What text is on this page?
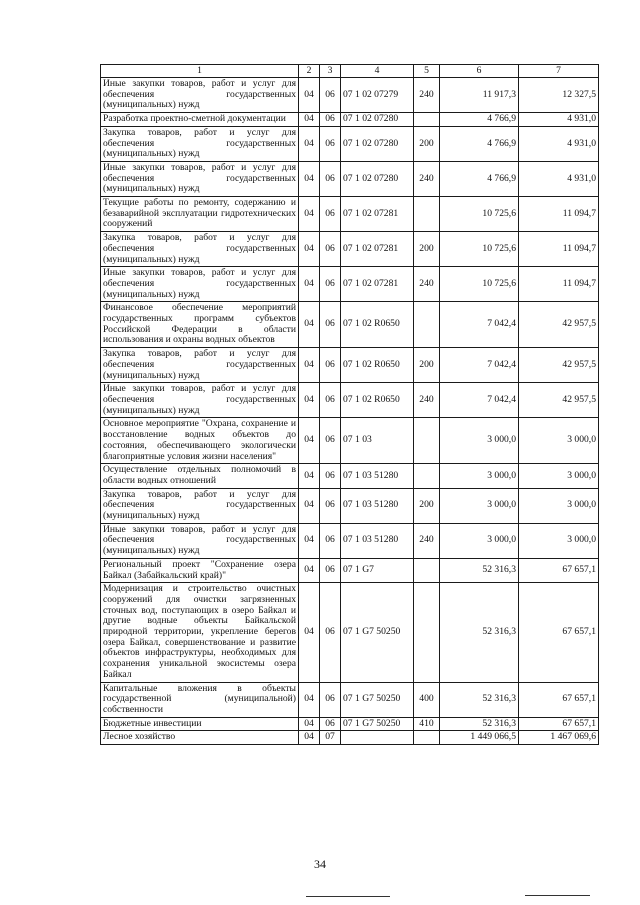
1	2	3	4	5	6	7
Иные закупки товаров, работ и услуг для обеспечения государственных (муниципальных) нужд	04	06	07 1 02 07279	240	11 917,3	12 327,5
Разработка проектно-сметной документации	04	06	07 1 02 07280		4 766,9	4 931,0
Закупка товаров, работ и услуг для обеспечения государственных (муниципальных) нужд	04	06	07 1 02 07280	200	4 766,9	4 931,0
Иные закупки товаров, работ и услуг для обеспечения государственных (муниципальных) нужд	04	06	07 1 02 07280	240	4 766,9	4 931,0
Текущие работы по ремонту, содержанию и безаварийной эксплуатации гидротехнических сооружений	04	06	07 1 02 07281		10 725,6	11 094,7
Закупка товаров, работ и услуг для обеспечения государственных (муниципальных) нужд	04	06	07 1 02 07281	200	10 725,6	11 094,7
Иные закупки товаров, работ и услуг для обеспечения государственных (муниципальных) нужд	04	06	07 1 02 07281	240	10 725,6	11 094,7
Финансовое обеспечение мероприятий государственных программ субъектов Российской Федерации в области использования и охраны водных объектов	04	06	07 1 02 R0650		7 042,4	42 957,5
Закупка товаров, работ и услуг для обеспечения государственных (муниципальных) нужд	04	06	07 1 02 R0650	200	7 042,4	42 957,5
Иные закупки товаров, работ и услуг для обеспечения государственных (муниципальных) нужд	04	06	07 1 02 R0650	240	7 042,4	42 957,5
Основное мероприятие "Охрана, сохранение и восстановление водных объектов до состояния, обеспечивающего экологически благоприятные условия жизни населения"	04	06	07 1 03		3 000,0	3 000,0
Осуществление отдельных полномочий в области водных отношений	04	06	07 1 03 51280		3 000,0	3 000,0
Закупка товаров, работ и услуг для обеспечения государственных (муниципальных) нужд	04	06	07 1 03 51280	200	3 000,0	3 000,0
Иные закупки товаров, работ и услуг для обеспечения государственных (муниципальных) нужд	04	06	07 1 03 51280	240	3 000,0	3 000,0
Региональный проект "Сохранение озера Байкал (Забайкальский край)"	04	06	07 1 G7		52 316,3	67 657,1
Модернизация и строительство очистных сооружений для очистки загрязненных сточных вод, поступающих в озеро Байкал и другие водные объекты Байкальской природной территории, укрепление берегов озера Байкал, совершенствование и развитие объектов инфраструктуры, необходимых для сохранения уникальной экосистемы озера Байкал	04	06	07 1 G7 50250		52 316,3	67 657,1
Капитальные вложения в объекты государственной (муниципальной) собственности	04	06	07 1 G7 50250	400	52 316,3	67 657,1
Бюджетные инвестиции	04	06	07 1 G7 50250	410	52 316,3	67 657,1
Лесное хозяйство	04	07			1 449 066,5	1 467 069,6
34
